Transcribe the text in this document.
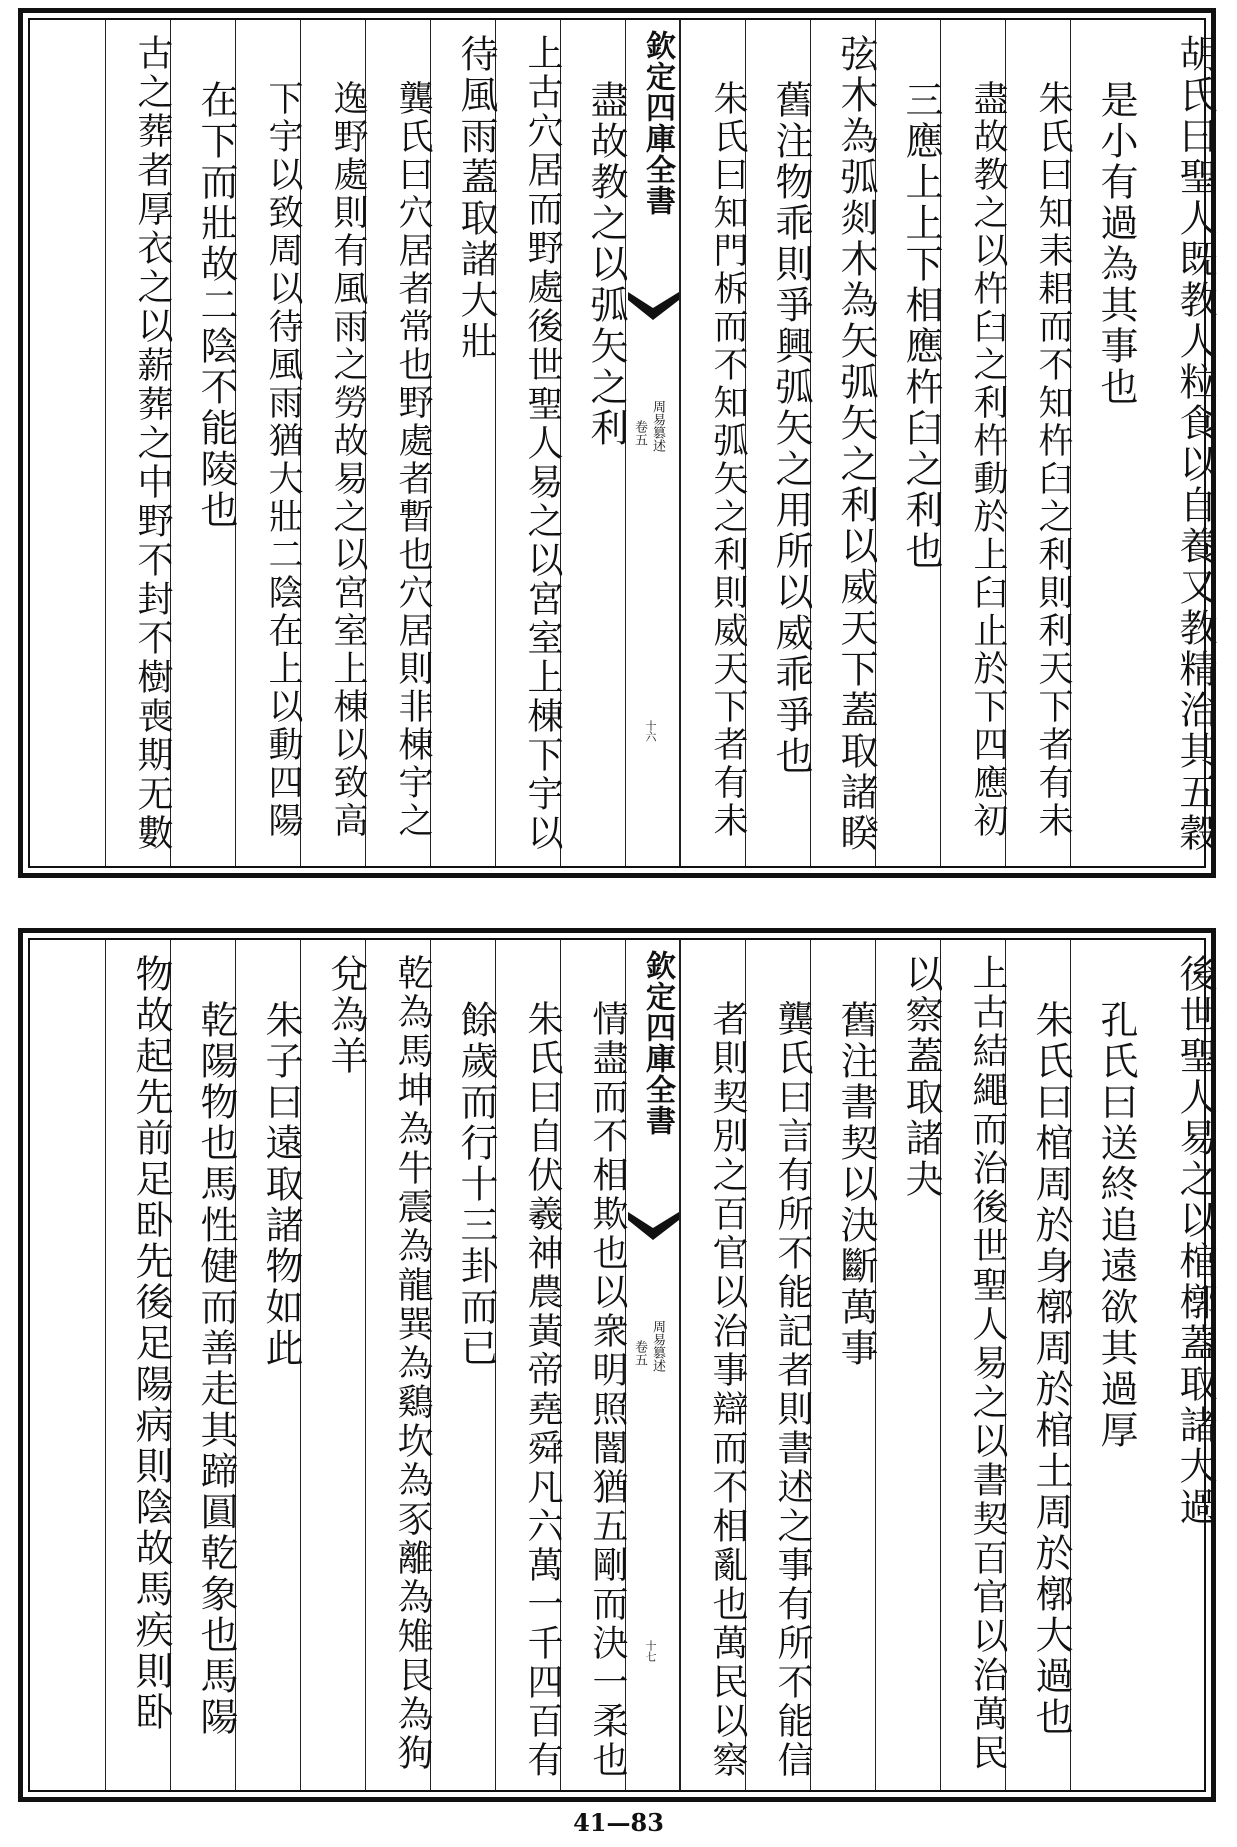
胡氏曰聖人既教人粒食以自養又教精治其五穀
是小有過為其事也
朱氏曰知耒耜而不知杵臼之利則利天下者有未
盡故教之以杵臼之利杵動於上臼止於下四應初
三應上上下相應杵臼之利也
弦木為弧剡木為矢弧矢之利以威天下蓋取諸睽
舊注物乖則爭興弧矢之用所以威乖爭也
朱氏曰知門柝而不知弧矢之利則威天下者有未
欽定四庫全書
周易篡述
卷五
十六
盡故教之以弧矢之利
上古穴居而野處後世聖人易之以宮室上棟下宇以
待風雨蓋取諸大壯
龔氏曰穴居者常也野處者暫也穴居則非棟宇之
逸野處則有風雨之勞故易之以宮室上棟以致高
下宇以致周以待風雨猶大壯二陰在上以動四陽
在下而壯故二陰不能陵也
古之葬者厚衣之以薪葬之中野不封不樹喪期无數
後世聖人易之以棺槨蓋取諸大過
孔氏曰送終追遠欲其過厚
朱氏曰棺周於身槨周於棺土周於槨大過也
上古結繩而治後世聖人易之以書契百官以治萬民
以察蓋取諸夬
舊注書契以決斷萬事
龔氏曰言有所不能記者則書述之事有所不能信
者則契別之百官以治事辯而不相亂也萬民以察
欽定四庫全書
周易篡述
卷五
十七
情盡而不相欺也以衆明照闇猶五剛而決一柔也
朱氏曰自伏羲神農黃帝堯舜凡六萬一千四百有
餘歲而行十三卦而已
乾為馬坤為牛震為龍巽為鷄坎為豕離為雉艮為狗
兌為羊
朱子曰遠取諸物如此
乾陽物也馬性健而善走其蹄圓乾象也馬陽
物故起先前足卧先後足陽病則陰故馬疾則卧
41—83
